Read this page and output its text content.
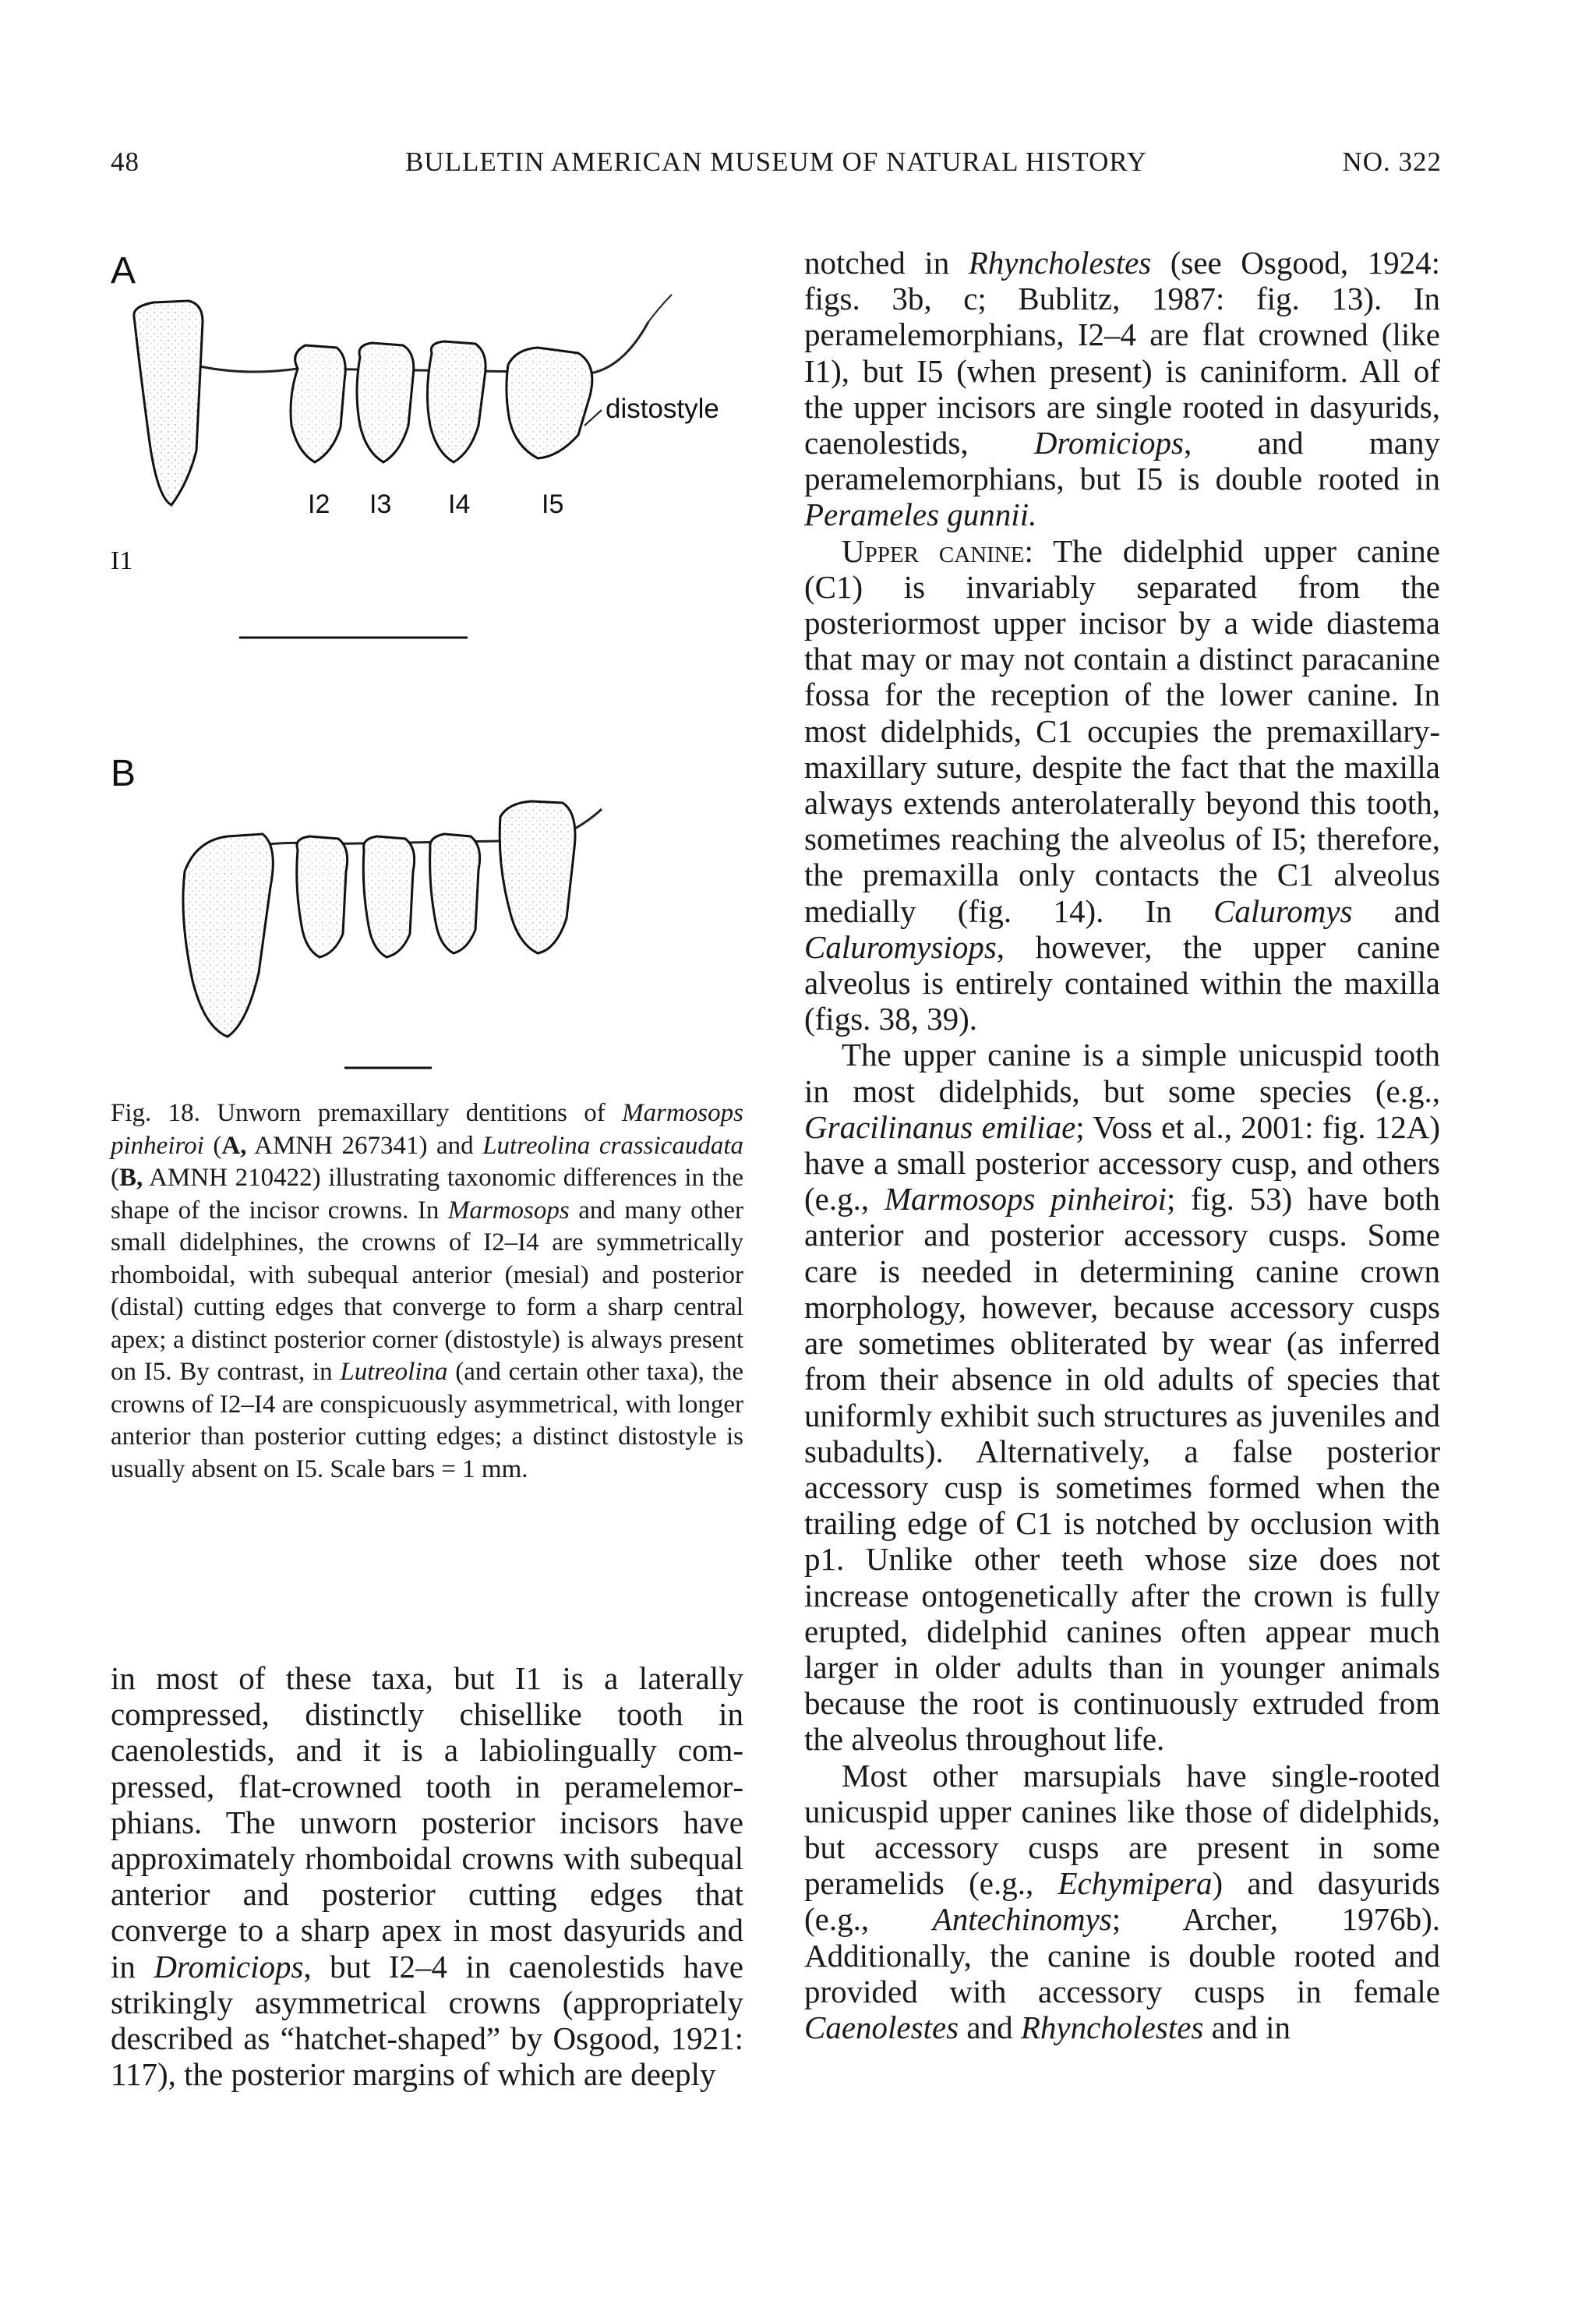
48	BULLETIN AMERICAN MUSEUM OF NATURAL HISTORY	NO. 322
A
I2 I3 I4	I5
I1
distostyle
B

Fig. 18. Unworn premaxillary dentitions of Marmosops pinheiroi (A, AMNH 267341) and Lutreolina crassicaudata (B, AMNH 210422) illustrating taxonomic differences in the shape of the incisor crowns. In Marmosops and many other small didelphines, the crowns of I2–I4 are symmetrically rhomboidal, with subequal anterior (mesial) and posterior (distal) cutting edges that converge to form a sharp central apex; a distinct posterior corner (distostyle) is always present on I5. By contrast, in Lutreolina (and certain other taxa), the crowns of I2–I4 are conspicuously asymmetrical, with longer anterior than posterior cutting edges; a distinct distostyle is usually absent on I5. Scale bars = 1 mm.

in most of these taxa, but I1 is a laterally compressed, distinctly chisellike tooth in caenolestids, and it is a labiolingually compressed, flat-crowned tooth in peramelemorphians. The unworn posterior incisors have approximately rhomboidal crowns with subequal anterior and posterior cutting edges that converge to a sharp apex in most dasyurids and in Dromiciops, but I2–4 in caenolestids have strikingly asymmetrical crowns (appropriately described as “hatchet-shaped” by Osgood, 1921: 117), the posterior margins of which are deeply

notched in Rhyncholestes (see Osgood, 1924: figs. 3b, c; Bublitz, 1987: fig. 13). In peramelemorphians, I2–4 are flat crowned (like I1), but I5 (when present) is caniniform. All of the upper incisors are single rooted in dasyurids, caenolestids, Dromiciops, and many peramelemorphians, but I5 is double rooted in Perameles gunnii.

Upper canine: The didelphid upper canine (C1) is invariably separated from the posteriormost upper incisor by a wide diastema that may or may not contain a distinct paracanine fossa for the reception of the lower canine. In most didelphids, C1 occupies the premaxillary-maxillary suture, despite the fact that the maxilla always extends anterolaterally beyond this tooth, sometimes reaching the alveolus of I5; therefore, the premaxilla only contacts the C1 alveolus medially (fig. 14). In Caluromys and Caluromysiops, however, the upper canine alveolus is entirely contained within the maxilla (figs. 38, 39).

The upper canine is a simple unicuspid tooth in most didelphids, but some species (e.g., Gracilinanus emiliae; Voss et al., 2001: fig. 12A) have a small posterior accessory cusp, and others (e.g., Marmosops pinheiroi; fig. 53) have both anterior and posterior accessory cusps. Some care is needed in determining canine crown morphology, however, because accessory cusps are sometimes obliterated by wear (as inferred from their absence in old adults of species that uniformly exhibit such structures as juveniles and subadults). Alternatively, a false posterior accessory cusp is sometimes formed when the trailing edge of C1 is notched by occlusion with p1. Unlike other teeth whose size does not increase ontogenetically after the crown is fully erupted, didelphid canines often appear much larger in older adults than in younger animals because the root is continuously extruded from the alveolus throughout life.

Most other marsupials have single-rooted unicuspid upper canines like those of didelphids, but accessory cusps are present in some peramelids (e.g., Echymipera) and dasyurids (e.g., Antechinomys; Archer, 1976b). Additionally, the canine is double rooted and provided with accessory cusps in female Caenolestes and Rhyncholestes and in
